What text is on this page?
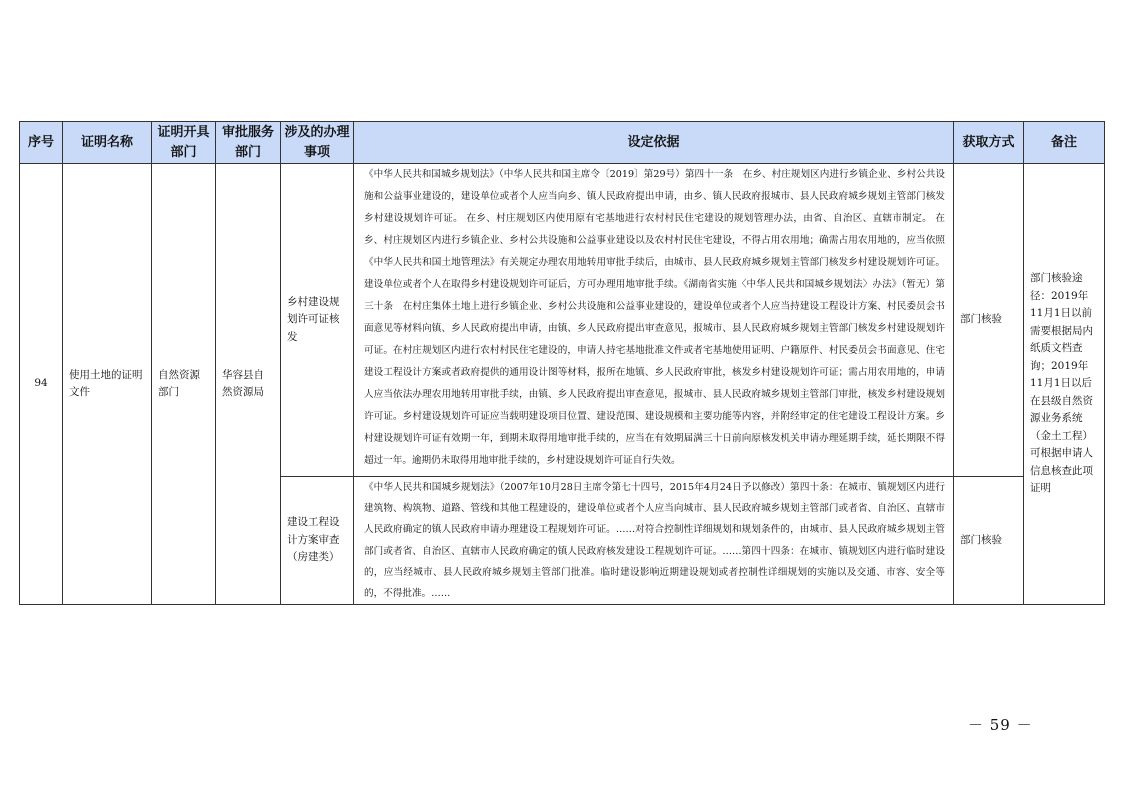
序号	证明名称	证明开具部门	审批服务部门	涉及的办理事项	设定依据	获取方式	备注
94	使用土地的证明文件	自然资源部门	华容县自然资源局	乡村建设规划许可证核发	《中华人民共和国城乡规划法》（中华人民共和国主席令〔2019〕第29号）第四十一条　在乡、村庄规划区内进行乡镇企业、乡村公共设施和公益事业建设的，建设单位或者个人应当向乡、镇人民政府提出申请，由乡、镇人民政府报城市、县人民政府城乡规划主管部门核发乡村建设规划许可证。 在乡、村庄规划区内使用原有宅基地进行农村村民住宅建设的规划管理办法，由省、自治区、直辖市制定。 在乡、村庄规划区内进行乡镇企业、乡村公共设施和公益事业建设以及农村村民住宅建设，不得占用农用地；确需占用农用地的，应当依照《中华人民共和国土地管理法》有关规定办理农用地转用审批手续后，由城市、县人民政府城乡规划主管部门核发乡村建设规划许可证。 建设单位或者个人在取得乡村建设规划许可证后，方可办理用地审批手续。《湖南省实施〈中华人民共和国城乡规划法〉办法》（暂无）第三十条　在村庄集体土地上进行乡镇企业、乡村公共设施和公益事业建设的，建设单位或者个人应当持建设工程设计方案、村民委员会书面意见等材料向镇、乡人民政府提出申请，由镇、乡人民政府提出审查意见，报城市、县人民政府城乡规划主管部门核发乡村建设规划许可证。在村庄规划区内进行农村村民住宅建设的，申请人持宅基地批准文件或者宅基地使用证明、户籍原件、村民委员会书面意见、住宅建设工程设计方案或者政府提供的通用设计图等材料，报所在地镇、乡人民政府审批，核发乡村建设规划许可证；需占用农用地的，申请人应当依法办理农用地转用审批手续，由镇、乡人民政府提出审查意见，报城市、县人民政府城乡规划主管部门审批，核发乡村建设规划许可证。乡村建设规划许可证应当载明建设项目位置、建设范围、建设规模和主要功能等内容，并附经审定的住宅建设工程设计方案。乡村建设规划许可证有效期一年，到期未取得用地审批手续的，应当在有效期届满三十日前向原核发机关申请办理延期手续，延长期限不得超过一年。逾期仍未取得用地审批手续的，乡村建设规划许可证自行失效。	部门核验	部门核验途径：2019年11月1日以前需要根据局内纸质文档查询；2019年11月1日以后在县级自然资源业务系统（金土工程）可根据申请人信息核查此项证明
				建设工程设计方案审查（房建类）	《中华人民共和国城乡规划法》（2007年10月28日主席令第七十四号，2015年4月24日予以修改）第四十条：在城市、镇规划区内进行建筑物、构筑物、道路、管线和其他工程建设的，建设单位或者个人应当向城市、县人民政府城乡规划主管部门或者省、自治区、直辖市人民政府确定的镇人民政府申请办理建设工程规划许可证。……对符合控制性详细规划和规划条件的，由城市、县人民政府城乡规划主管部门或者省、自治区、直辖市人民政府确定的镇人民政府核发建设工程规划许可证。……第四十四条：在城市、镇规划区内进行临时建设的，应当经城市、县人民政府城乡规划主管部门批准。临时建设影响近期建设规划或者控制性详细规划的实施以及交通、市容、安全等的，不得批准。……	部门核验	
－ 59 －
